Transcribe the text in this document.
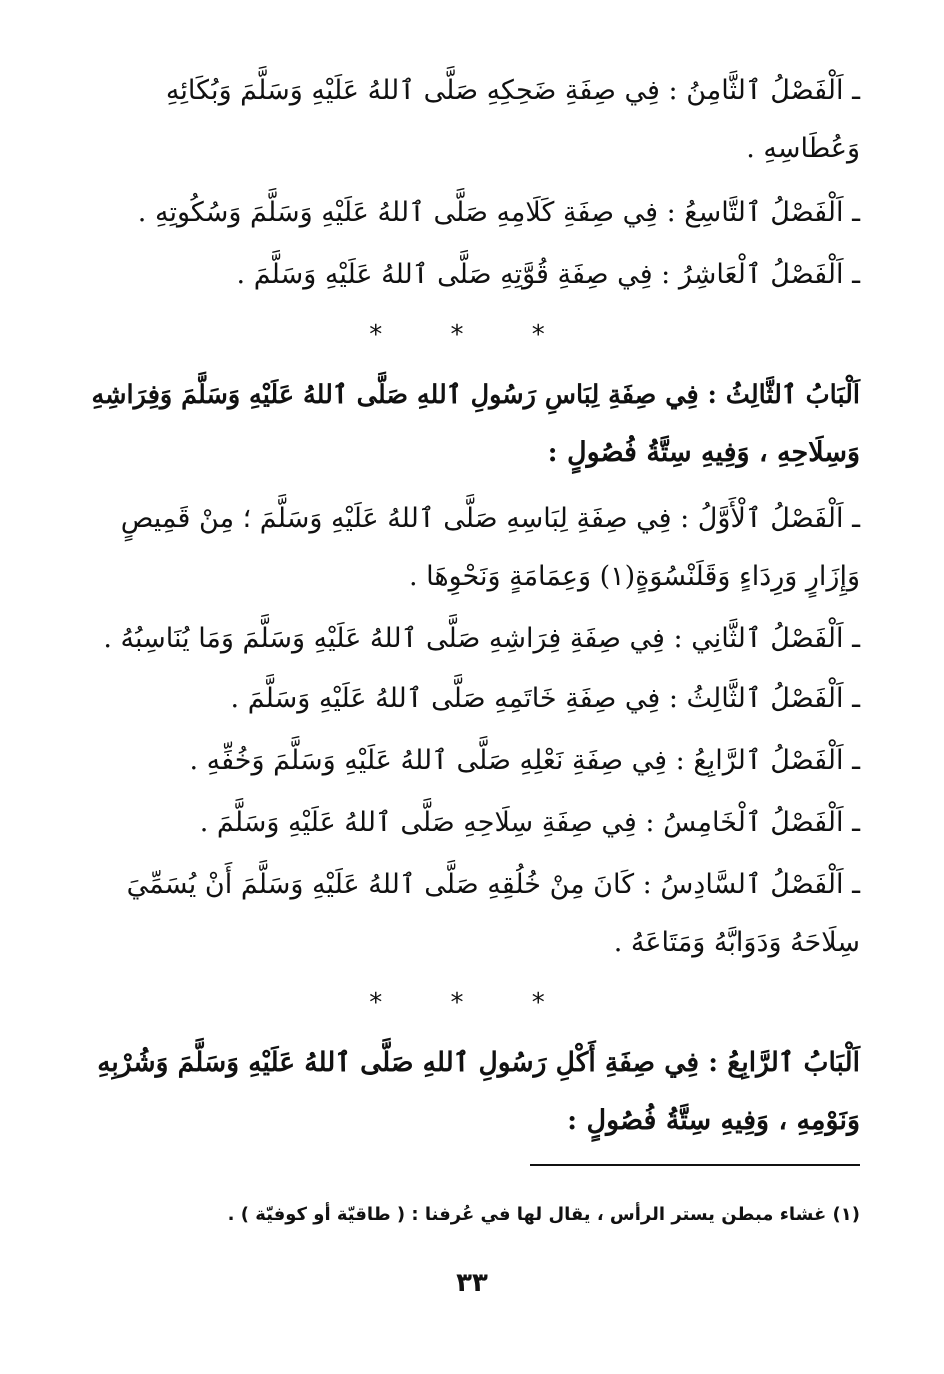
ـ اَلْفَصْلُ ٱلثَّامِنُ : فِي صِفَةِ ضَحِكِهِ صَلَّى ٱللهُ عَلَيْهِ وَسَلَّمَ وَبُكَائِهِ
وَعُطَاسِهِ .
ـ اَلْفَصْلُ ٱلتَّاسِعُ : فِي صِفَةِ كَلَامِهِ صَلَّى ٱللهُ عَلَيْهِ وَسَلَّمَ وَسُكُوتِهِ .
ـ اَلْفَصْلُ ٱلْعَاشِرُ : فِي صِفَةِ قُوَّتِهِ صَلَّى ٱللهُ عَلَيْهِ وَسَلَّمَ .
* * *
اَلْبَابُ ٱلثَّالِثُ : فِي صِفَةِ لِبَاسِ رَسُولِ ٱللهِ صَلَّى ٱللهُ عَلَيْهِ وَسَلَّمَ وَفِرَاشِهِ
وَسِلَاحِهِ ، وَفِيهِ سِتَّةُ فُصُولٍ :
ـ اَلْفَصْلُ ٱلْأَوَّلُ : فِي صِفَةِ لِبَاسِهِ صَلَّى ٱللهُ عَلَيْهِ وَسَلَّمَ ؛ مِنْ قَمِيصٍ
وَإِزَارٍ وَرِدَاءٍ وَقَلَنْسُوَةٍ(١) وَعِمَامَةٍ وَنَحْوِهَا .
ـ اَلْفَصْلُ ٱلثَّانِي : فِي صِفَةِ فِرَاشِهِ صَلَّى ٱللهُ عَلَيْهِ وَسَلَّمَ وَمَا يُنَاسِبُهُ .
ـ اَلْفَصْلُ ٱلثَّالِثُ : فِي صِفَةِ خَاتَمِهِ صَلَّى ٱللهُ عَلَيْهِ وَسَلَّمَ .
ـ اَلْفَصْلُ ٱلرَّابِعُ : فِي صِفَةِ نَعْلِهِ صَلَّى ٱللهُ عَلَيْهِ وَسَلَّمَ وَخُفِّهِ .
ـ اَلْفَصْلُ ٱلْخَامِسُ : فِي صِفَةِ سِلَاحِهِ صَلَّى ٱللهُ عَلَيْهِ وَسَلَّمَ .
ـ اَلْفَصْلُ ٱلسَّادِسُ : كَانَ مِنْ خُلُقِهِ صَلَّى ٱللهُ عَلَيْهِ وَسَلَّمَ أَنْ يُسَمِّيَ
سِلَاحَهُ وَدَوَابَّهُ وَمَتَاعَهُ .
* * *
اَلْبَابُ ٱلرَّابِعُ : فِي صِفَةِ أَكْلِ رَسُولِ ٱللهِ صَلَّى ٱللهُ عَلَيْهِ وَسَلَّمَ وَشُرْبِهِ
وَنَوْمِهِ ، وَفِيهِ سِتَّةُ فُصُولٍ :
(١) غشاء مبطن يستر الرأس ، يقال لها في عُرفنا : ( طاقيّة أو كوفيّة ) .
٣٣
